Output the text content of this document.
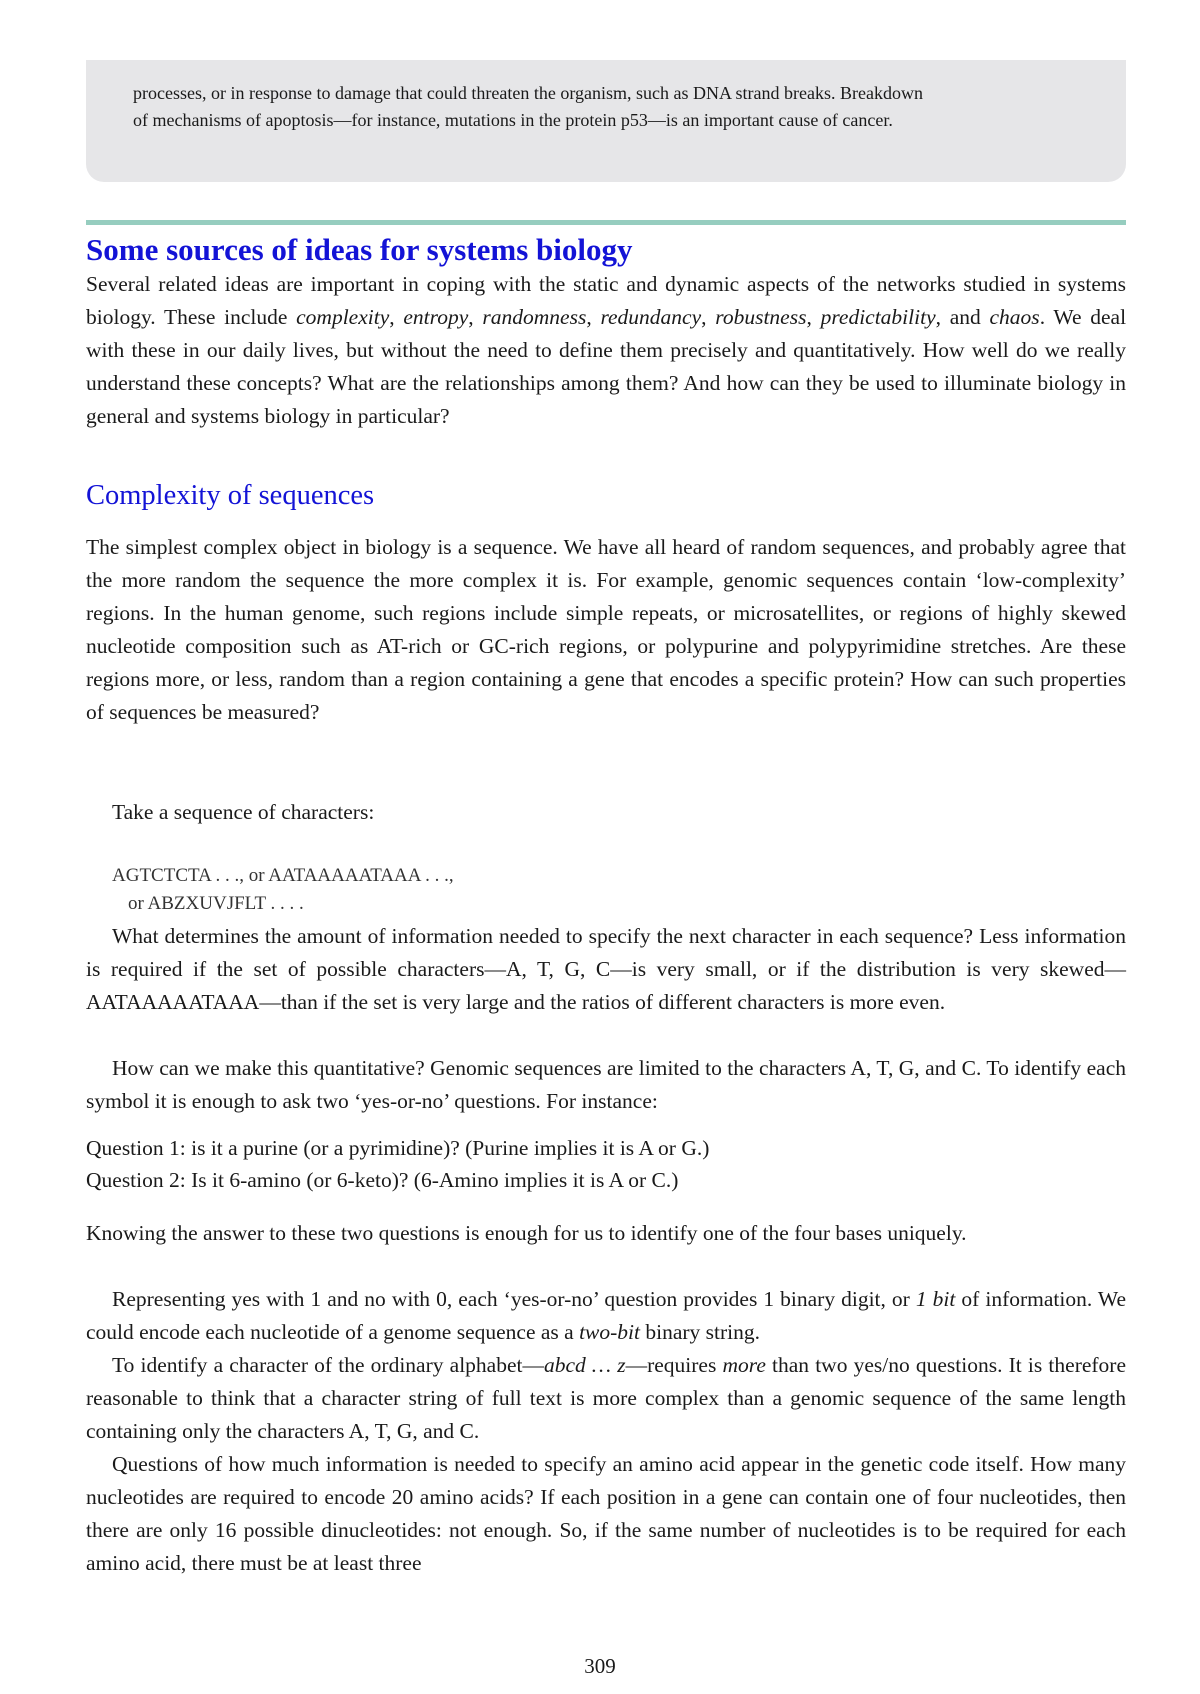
processes, or in response to damage that could threaten the organism, such as DNA strand breaks. Breakdown
of mechanisms of apoptosis—for instance, mutations in the protein p53—is an important cause of cancer.
Some sources of ideas for systems biology
Several related ideas are important in coping with the static and dynamic aspects of the networks studied in systems biology. These include complexity, entropy, randomness, redundancy, robustness, predictability, and chaos. We deal with these in our daily lives, but without the need to define them precisely and quantitatively. How well do we really understand these concepts? What are the relationships among them? And how can they be used to illuminate biology in general and systems biology in particular?
Complexity of sequences
The simplest complex object in biology is a sequence. We have all heard of random sequences, and probably agree that the more random the sequence the more complex it is. For example, genomic sequences contain ‘low-complexity’ regions. In the human genome, such regions include simple repeats, or microsatellites, or regions of highly skewed nucleotide composition such as AT-rich or GC-rich regions, or polypurine and polypyrimidine stretches. Are these regions more, or less, random than a region containing a gene that encodes a specific protein? How can such properties of sequences be measured?
Take a sequence of characters:
AGTCTCTA . . ., or AATAAAAATAAA . . .,
or ABZXUVJFLT . . . .
What determines the amount of information needed to specify the next character in each sequence? Less information is required if the set of possible characters—A, T, G, C—is very small, or if the distribution is very skewed—AATAAAAATAAA—than if the set is very large and the ratios of different characters is more even.
How can we make this quantitative? Genomic sequences are limited to the characters A, T, G, and C. To identify each symbol it is enough to ask two ‘yes-or-no’ questions. For instance:
Question 1: is it a purine (or a pyrimidine)? (Purine implies it is A or G.)
Question 2: Is it 6-amino (or 6-keto)? (6-Amino implies it is A or C.)
Knowing the answer to these two questions is enough for us to identify one of the four bases uniquely.
Representing yes with 1 and no with 0, each ‘yes-or-no’ question provides 1 binary digit, or 1 bit of information. We could encode each nucleotide of a genome sequence as a two-bit binary string.
To identify a character of the ordinary alphabet—abcd … z—requires more than two yes/no questions. It is therefore reasonable to think that a character string of full text is more complex than a genomic sequence of the same length containing only the characters A, T, G, and C.
Questions of how much information is needed to specify an amino acid appear in the genetic code itself. How many nucleotides are required to encode 20 amino acids? If each position in a gene can contain one of four nucleotides, then there are only 16 possible dinucleotides: not enough. So, if the same number of nucleotides is to be required for each amino acid, there must be at least three
309
